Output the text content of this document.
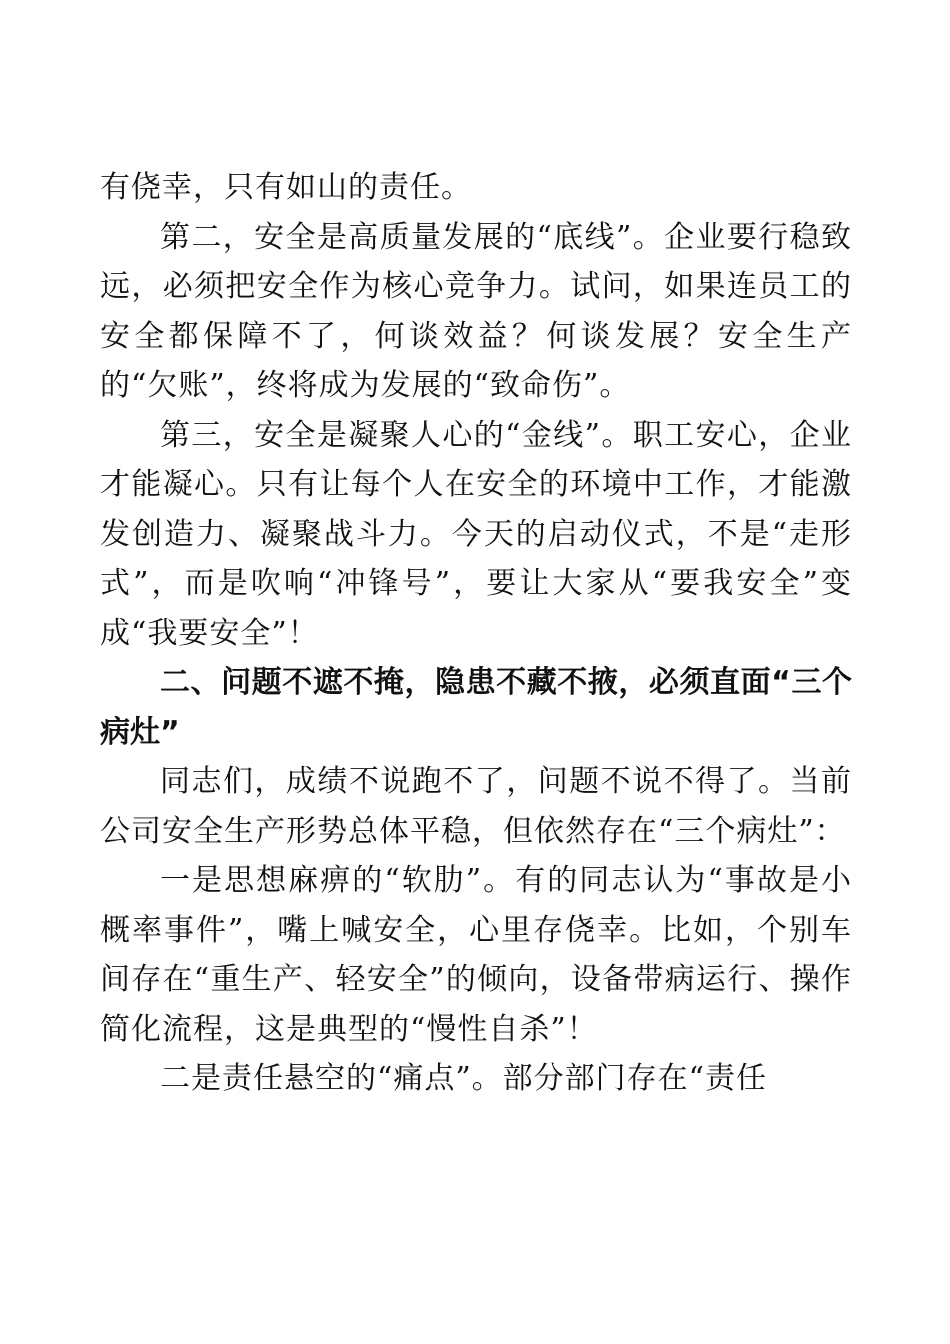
有侥幸，只有如山的责任。

第二，安全是高质量发展的“底线”。企业要行稳致远，必须把安全作为核心竞争力。试问，如果连员工的安全都保障不了，何谈效益？何谈发展？安全生产的“欠账”，终将成为发展的“致命伤”。

第三，安全是凝聚人心的“金线”。职工安心，企业才能凝心。只有让每个人在安全的环境中工作，才能激发创造力、凝聚战斗力。今天的启动仪式，不是“走形式”，而是吹响“冲锋号”，要让大家从“要我安全”变成“我要安全”！

二、问题不遮不掩，隐患不藏不掖，必须直面“三个病灶”

同志们，成绩不说跑不了，问题不说不得了。当前公司安全生产形势总体平稳，但依然存在“三个病灶”：

一是思想麻痹的“软肋”。有的同志认为“事故是小概率事件”，嘴上喊安全，心里存侥幸。比如，个别车间存在“重生产、轻安全”的倾向，设备带病运行、操作简化流程，这是典型的“慢性自杀”！

二是责任悬空的“痛点”。部分部门存在“责任
